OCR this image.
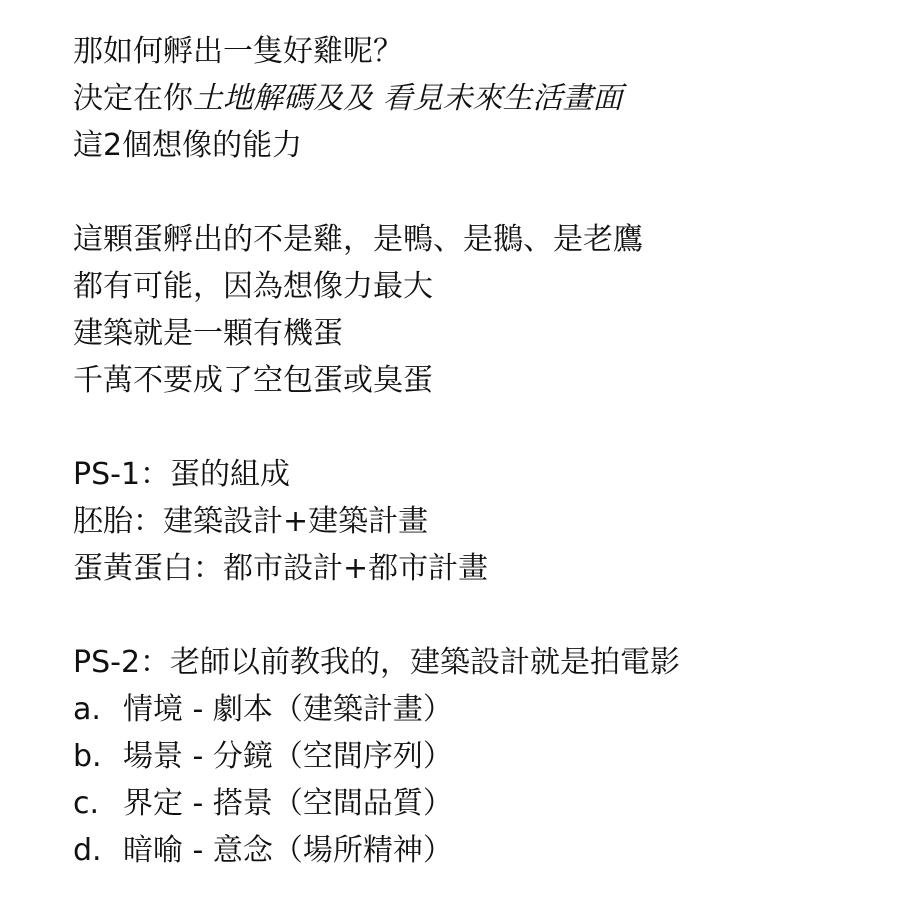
那如何孵出一隻好雞呢？
決定在你土地解碼及及 看見未來生活畫面
這2個想像的能力
這顆蛋孵出的不是雞，是鴨、是鵝、是老鷹
都有可能，因為想像力最大
建築就是一顆有機蛋
千萬不要成了空包蛋或臭蛋
PS-1：蛋的組成
胚胎：建築設計+建築計畫
蛋黃蛋白：都市設計+都市計畫
PS-2：老師以前教我的，建築設計就是拍電影
a. 情境 - 劇本（建築計畫）
b. 場景 - 分鏡（空間序列）
c. 界定 - 搭景（空間品質）
d. 暗喻 - 意念（場所精神）
